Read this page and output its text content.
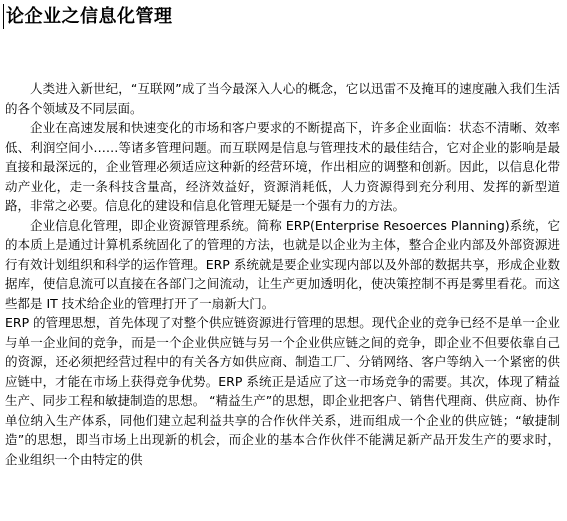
论企业之信息化管理

人类进入新世纪，“互联网”成了当今最深入人心的概念，它以迅雷不及掩耳的速度融入我们生活的各个领域及不同层面。

企业在高速发展和快速变化的市场和客户要求的不断提高下，许多企业面临：状态不清晰、效率低、利润空间小……等诸多管理问题。而互联网是信息与管理技术的最佳结合，它对企业的影响是最直接和最深远的，企业管理必须适应这种新的经营环境，作出相应的调整和创新。因此，以信息化带动产业化，走一条科技含量高，经济效益好，资源消耗低，人力资源得到充分利用、发挥的新型道路，非常之必要。信息化的建设和信息化管理无疑是一个强有力的方法。

企业信息化管理，即企业资源管理系统。简称 ERP(Enterprise Resoerces Planning)系统，它的本质上是通过计算机系统固化了的管理的方法，也就是以企业为主体，整合企业内部及外部资源进行有效计划组织和科学的运作管理。ERP 系统就是要企业实现内部以及外部的数据共享，形成企业数据库，使信息流可以直接在各部门之间流动，让生产更加透明化，使决策控制不再是雾里看花。而这些都是 IT 技术给企业的管理打开了一扇新大门。

ERP 的管理思想，首先体现了对整个供应链资源进行管理的思想。现代企业的竞争已经不是单一企业与单一企业间的竞争，而是一个企业供应链与另一个企业供应链之间的竞争，即企业不但要依靠自己的资源，还必须把经营过程中的有关各方如供应商、制造工厂、分销网络、客户等纳入一个紧密的供应链中，才能在市场上获得竞争优势。ERP 系统正是适应了这一市场竞争的需要。其次，体现了精益生产、同步工程和敏捷制造的思想。 “精益生产”的思想，即企业把客户、销售代理商、供应商、协作单位纳入生产体系，同他们建立起利益共享的合作伙伴关系，进而组成一个企业的供应链；“敏捷制造”的思想，即当市场上出现新的机会，而企业的基本合作伙伴不能满足新产品开发生产的要求时，企业组织一个由特定的供
